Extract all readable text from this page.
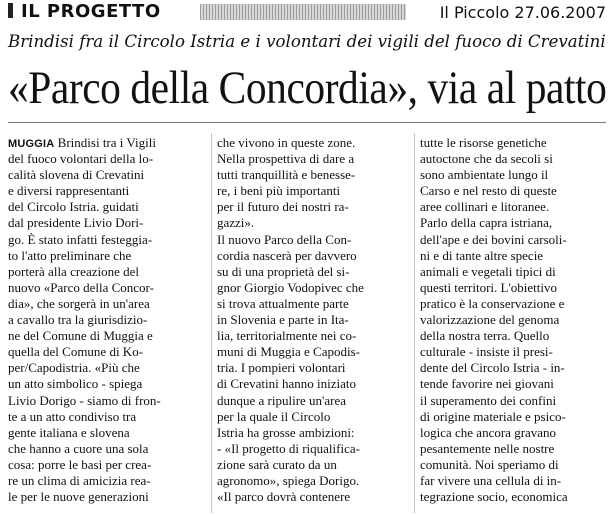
IL PROGETTO	Il Piccolo 27.06.2007
Brindisi fra il Circolo Istria e i volontari dei vigili del fuoco di Crevatini
«Parco della Concordia», via al patto
MUGGIA Brindisi tra i Vigili
del fuoco volontari della lo-
calità slovena di Crevatini
e diversi rappresentanti
del Circolo Istria. guidati
dal presidente Livio Dori-
go. È stato infatti festeggia-
to l'atto preliminare che
porterà alla creazione del
nuovo «Parco della Concor-
dia», che sorgerà in un'area
a cavallo tra la giurisdizio-
ne del Comune di Muggia e
quella del Comune di Ko-
per/Capodistria. «Più che
un atto simbolico - spiega
Livio Dorigo - siamo di fron-
te a un atto condiviso tra
gente italiana e slovena
che hanno a cuore una sola
cosa: porre le basi per crea-
re un clima di amicizia rea-
le per le nuove generazioni
che vivono in queste zone.
Nella prospettiva di dare a
tutti tranquillità e benesse-
re, i beni più importanti
per il futuro dei nostri ra-
gazzi».
Il nuovo Parco della Con-
cordia nascerà per davvero
su di una proprietà del si-
gnor Giorgio Vodopivec che
si trova attualmente parte
in Slovenia e parte in Ita-
lia, territorialmente nei co-
muni di Muggia e Capodis-
tria. I pompieri volontari
di Crevatini hanno iniziato
dunque a ripulire un'area
per la quale il Circolo
Istria ha grosse ambizioni:
- «Il progetto di riqualifica-
zione sarà curato da un
agronomo», spiega Dorigo.
«Il parco dovrà contenere
tutte le risorse genetiche
autoctone che da secoli si
sono ambientate lungo il
Carso e nel resto di queste
aree collinari e litoranee.
Parlo della capra istriana,
dell'ape e dei bovini carsoli-
ni e di tante altre specie
animali e vegetali tipici di
questi territori. L'obiettivo
pratico è la conservazione e
valorizzazione del genoma
della nostra terra. Quello
culturale - insiste il presi-
dente del Circolo Istria - in-
tende favorire nei giovani
il superamento dei confini
di origine materiale e psico-
logica che ancora gravano
pesantemente nelle nostre
comunità. Noi speriamo di
far vivere una cellula di in-
tegrazione socio, economica
